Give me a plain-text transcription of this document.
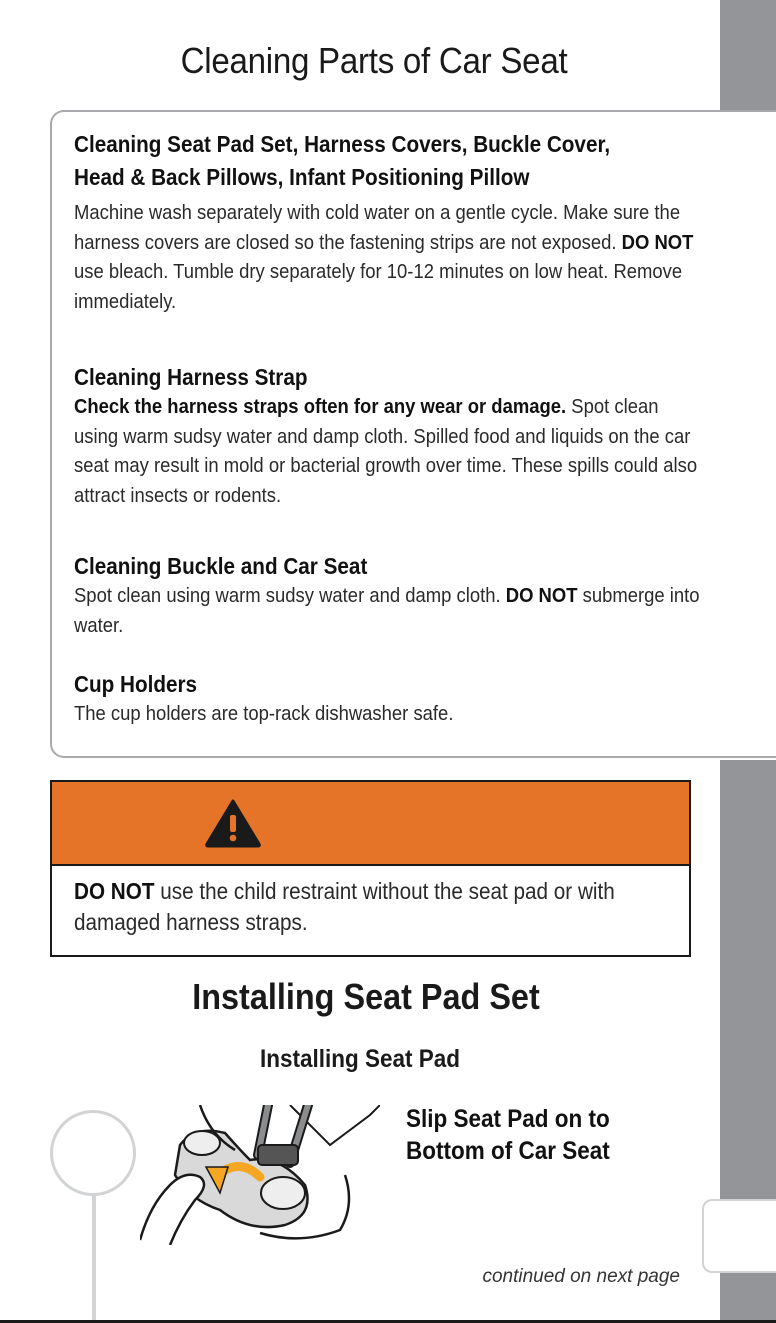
Cleaning Parts of Car Seat
Cleaning Seat Pad Set, Harness Covers, Buckle Cover,
Head & Back Pillows, Infant Positioning Pillow

Machine wash separately with cold water on a gentle cycle. Make sure the harness covers are closed so the fastening strips are not exposed. DO NOT use bleach. Tumble dry separately for 10-12 minutes on low heat. Remove immediately.

Cleaning Harness Strap

Check the harness straps often for any wear or damage. Spot clean using warm sudsy water and damp cloth. Spilled food and liquids on the car seat may result in mold or bacterial growth over time. These spills could also attract insects or rodents.

Cleaning Buckle and Car Seat

Spot clean using warm sudsy water and damp cloth. DO NOT submerge into water.

Cup Holders

The cup holders are top-rack dishwasher safe.

DO NOT use the child restraint without the seat pad or with damaged harness straps.

Installing Seat Pad Set
Installing Seat Pad

Slip Seat Pad on to
Bottom of Car Seat

continued on next page
